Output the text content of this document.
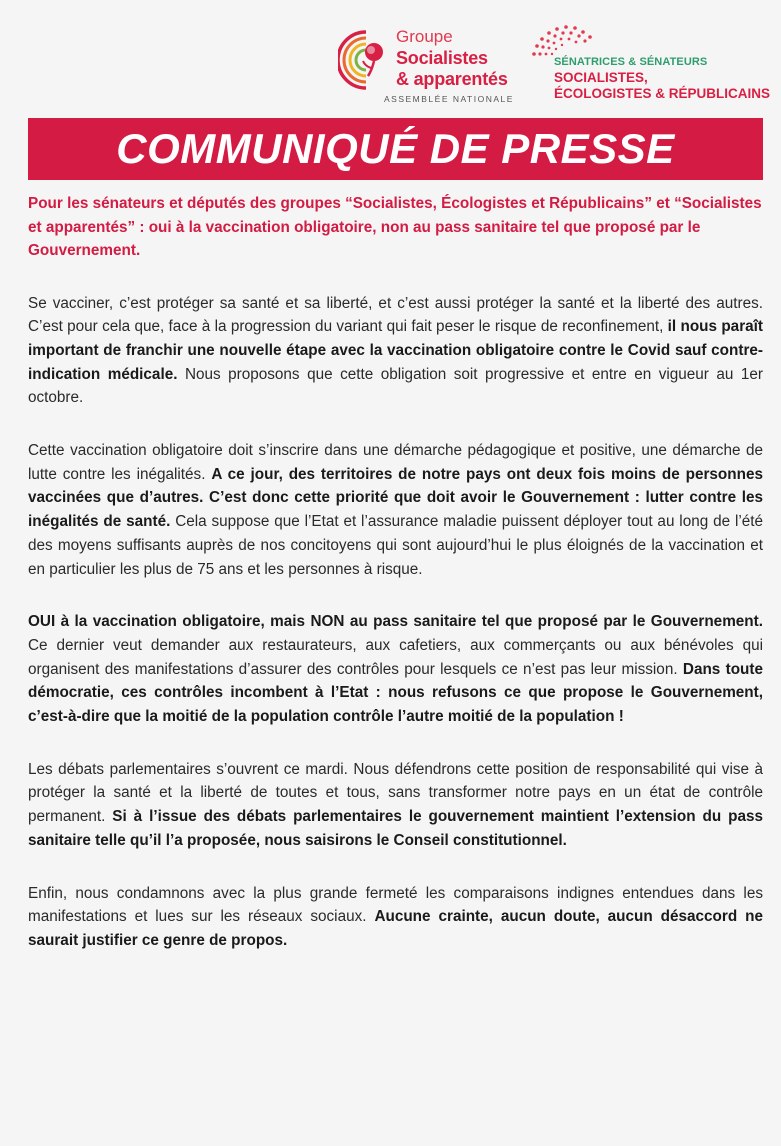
Groupe
Socialistes
& apparentés
ASSEMBLÉE NATIONALE
SÉNATRICES & SÉNATEURS
SOCIALISTES,
ÉCOLOGISTES & RÉPUBLICAINS
COMMUNIQUÉ DE PRESSE

Pour les sénateurs et députés des groupes “Socialistes, Écologistes et Républicains” et “Socialistes et apparentés” : oui à la vaccination obligatoire, non au pass sanitaire tel que proposé par le Gouvernement.

Se vacciner, c’est protéger sa santé et sa liberté, et c’est aussi protéger la santé et la liberté des autres. C’est pour cela que, face à la progression du variant qui fait peser le risque de reconfinement, il nous paraît important de franchir une nouvelle étape avec la vaccination obligatoire contre le Covid sauf contre-indication médicale. Nous proposons que cette obligation soit progressive et entre en vigueur au 1er octobre.

Cette vaccination obligatoire doit s’inscrire dans une démarche pédagogique et positive, une démarche de lutte contre les inégalités. A ce jour, des territoires de notre pays ont deux fois moins de personnes vaccinées que d’autres. C’est donc cette priorité que doit avoir le Gouvernement : lutter contre les inégalités de santé. Cela suppose que l’Etat et l’assurance maladie puissent déployer tout au long de l’été des moyens suffisants auprès de nos concitoyens qui sont aujourd’hui le plus éloignés de la vaccination et en particulier les plus de 75 ans et les personnes à risque.

OUI à la vaccination obligatoire, mais NON au pass sanitaire tel que proposé par le Gouvernement. Ce dernier veut demander aux restaurateurs, aux cafetiers, aux commerçants ou aux bénévoles qui organisent des manifestations d’assurer des contrôles pour lesquels ce n’est pas leur mission. Dans toute démocratie, ces contrôles incombent à l’Etat : nous refusons ce que propose le Gouvernement, c’est-à-dire que la moitié de la population contrôle l’autre moitié de la population !

Les débats parlementaires s’ouvrent ce mardi. Nous défendrons cette position de responsabilité qui vise à protéger la santé et la liberté de toutes et tous, sans transformer notre pays en un état de contrôle permanent. Si à l’issue des débats parlementaires le gouvernement maintient l’extension du pass sanitaire telle qu’il l’a proposée, nous saisirons le Conseil constitutionnel.

Enfin, nous condamnons avec la plus grande fermeté les comparaisons indignes entendues dans les manifestations et lues sur les réseaux sociaux. Aucune crainte, aucun doute, aucun désaccord ne saurait justifier ce genre de propos.
